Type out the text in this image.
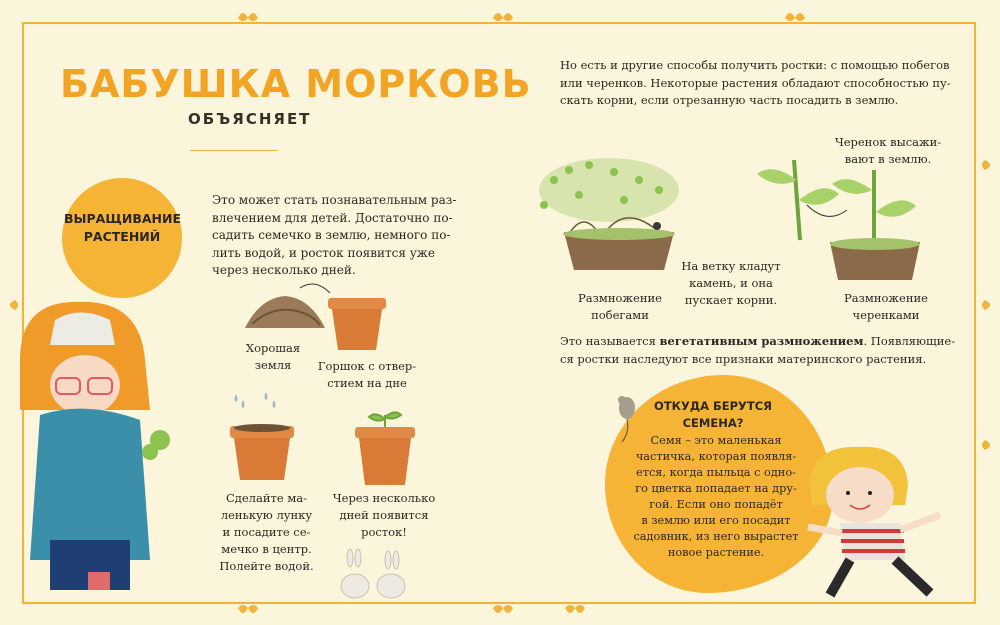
БАБУШКА МОРКОВЬ
ОБЪЯСНЯЕТ
ВЫРАЩИВАНИЕ
РАСТЕНИЙ
Это может стать познавательным раз-
влечением для детей. Достаточно по-
садить семечко в землю, немного по-
лить водой, и росток появится уже
через несколько дней.
Хорошая
земля	Горшок с отвер-
стием на дне
Сделайте ма-
ленькую лунку
и посадите се-
мечко в центр.
Полейте водой.
Через несколько
дней появится
росток!
Но есть и другие способы получить ростки: с помощью побегов
или черенков. Некоторые растения обладают способностью пу-
скать корни, если отрезанную часть посадить в землю.
На ветку кладут
камень, и она
пускает корни.
Размножение
побегами
Черенок высажи-
вают в землю.
Размножение
черенками
Это называется вегетативным размножением. Появляющие-
ся ростки наследуют все признаки материнского растения.
ОТКУДА БЕРУТСЯ
СЕМЕНА?
Семя – это маленькая
частичка, которая появля-
ется, когда пыльца с одно-
го цветка попадает на дру-
гой. Если оно попадёт
в землю или его посадит
садовник, из него вырастет
новое растение.
